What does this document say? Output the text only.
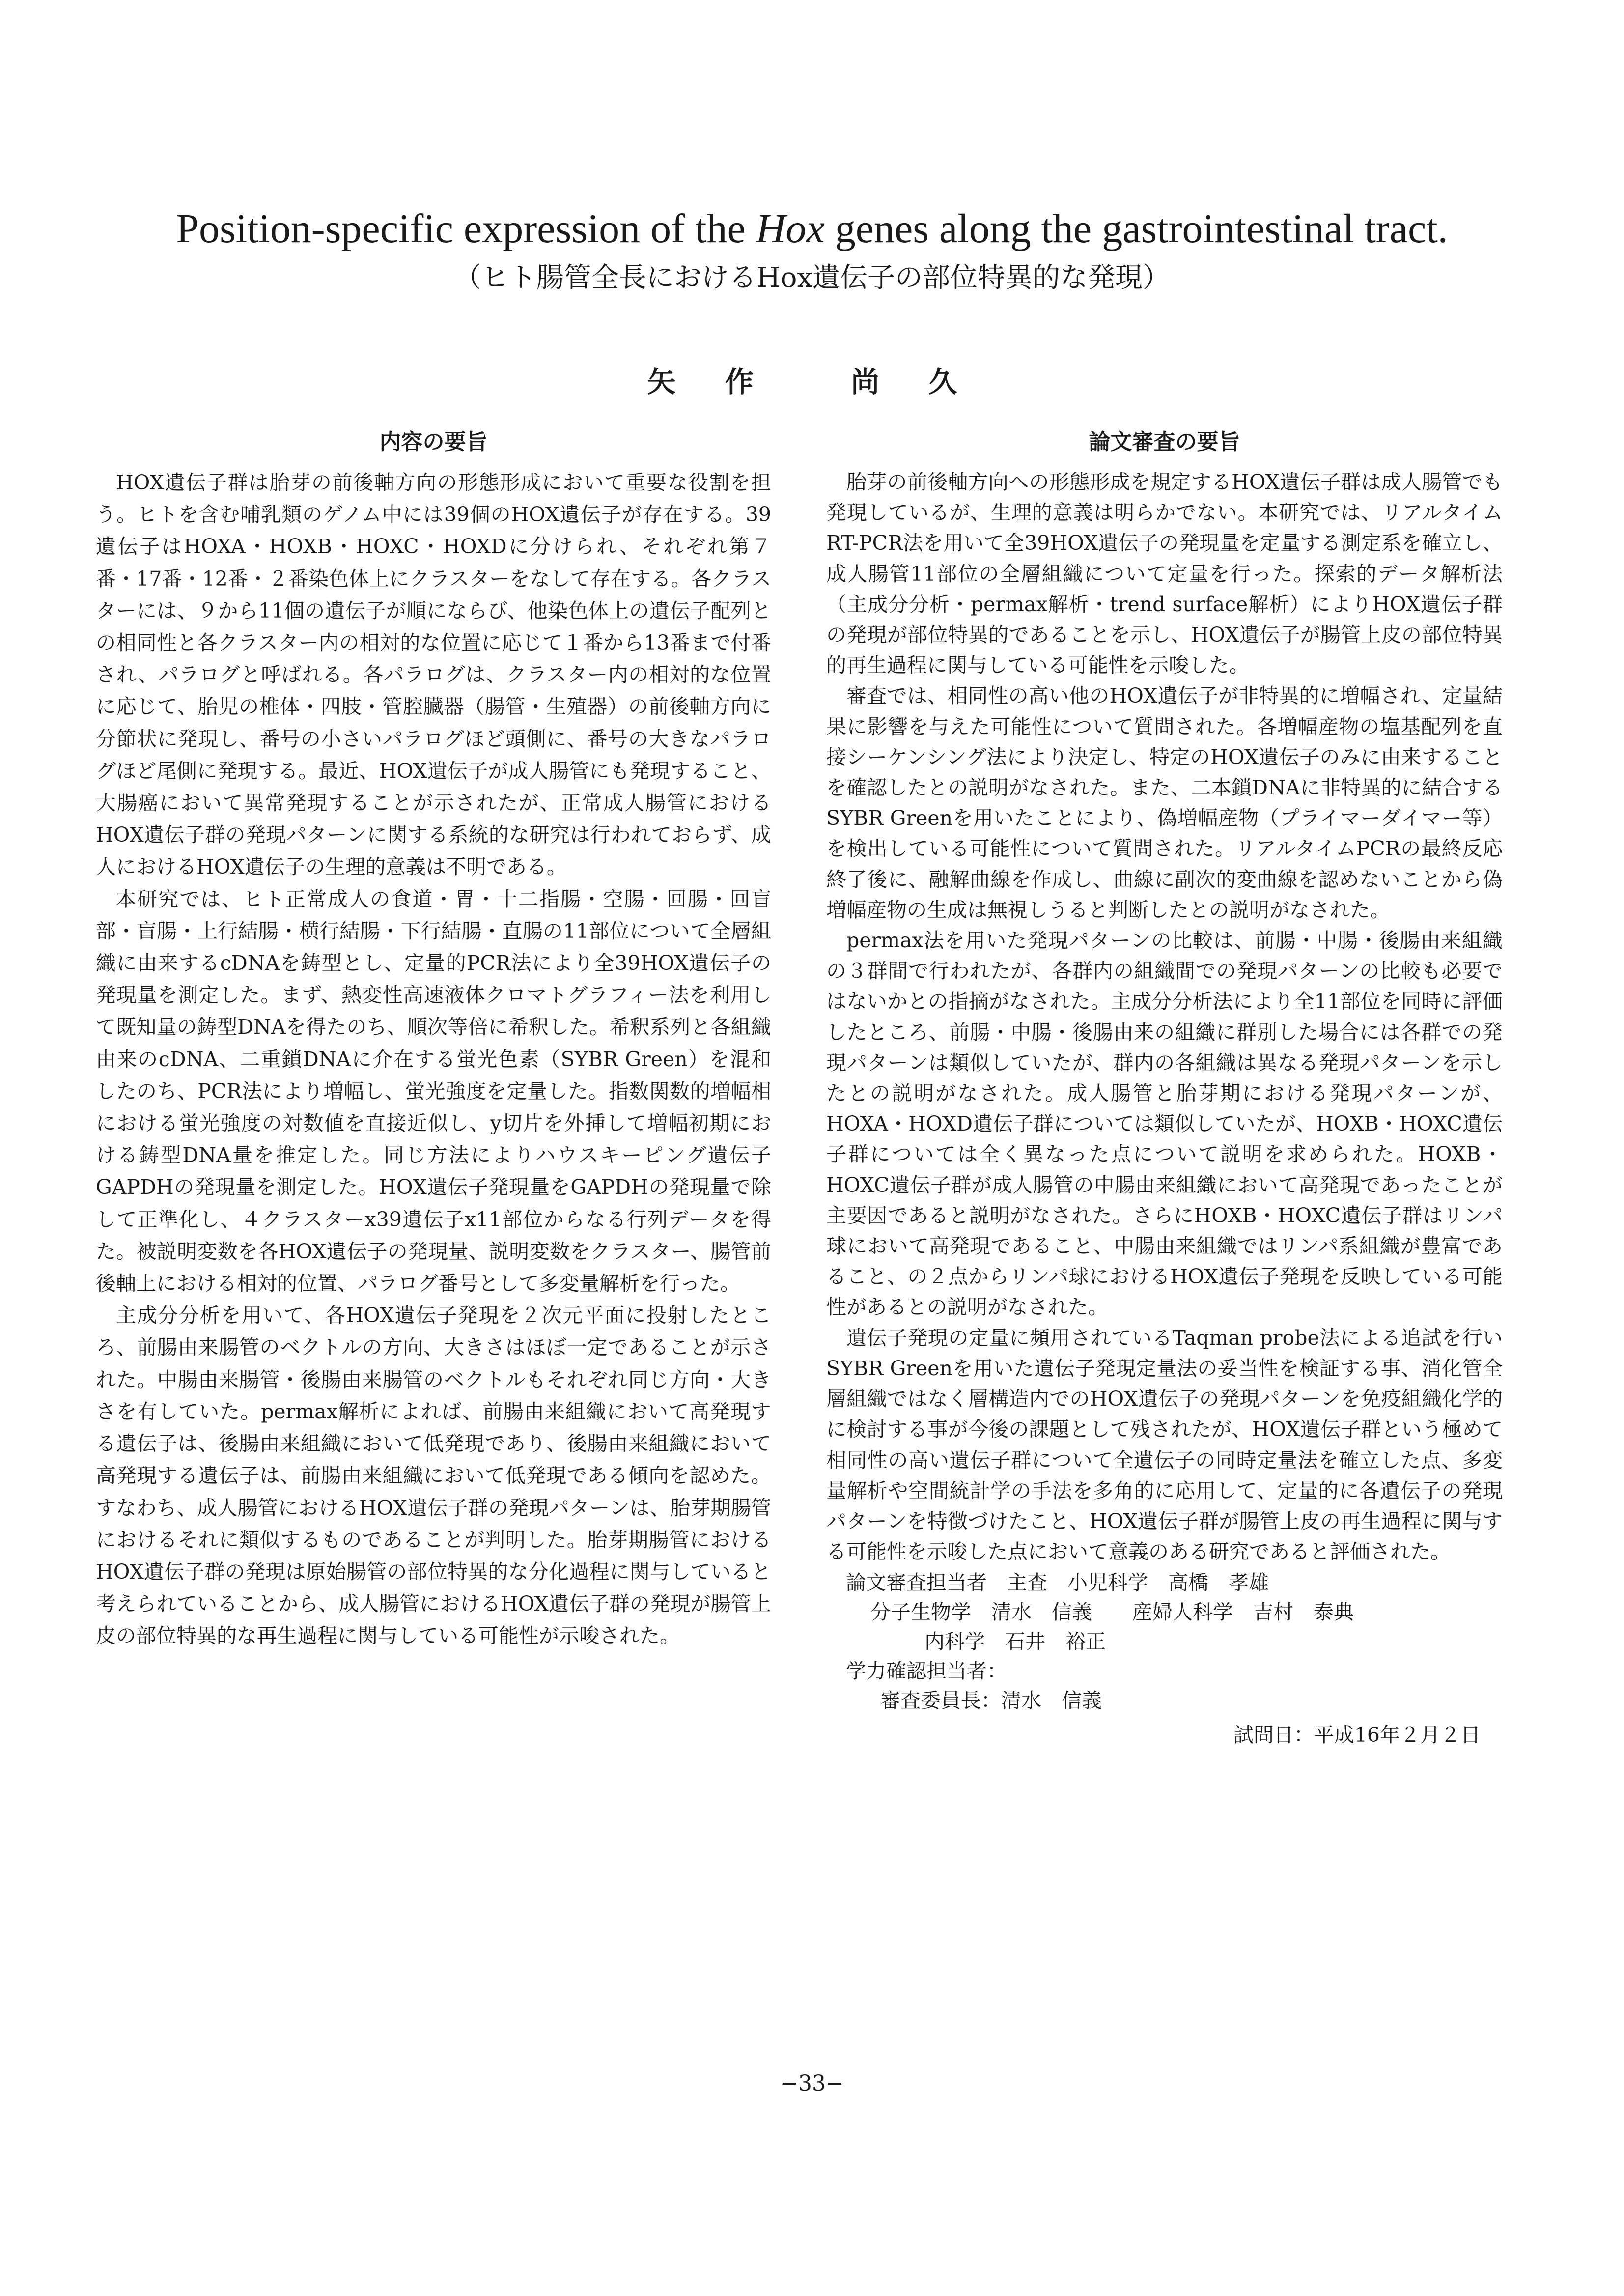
Position-specific expression of the Hox genes along the gastrointestinal tract.
（ヒト腸管全長におけるHox遺伝子の部位特異的な発現）
矢 作　 尚 久
内容の要旨

HOX遺伝子群は胎芽の前後軸方向の形態形成において重要な役割を担う。ヒトを含む哺乳類のゲノム中には39個のHOX遺伝子が存在する。39遺伝子はHOXA・HOXB・HOXC・HOXDに分けられ、それぞれ第７番・17番・12番・２番染色体上にクラスターをなして存在する。各クラスターには、９から11個の遺伝子が順にならび、他染色体上の遺伝子配列との相同性と各クラスター内の相対的な位置に応じて１番から13番まで付番され、パラログと呼ばれる。各パラログは、クラスター内の相対的な位置に応じて、胎児の椎体・四肢・管腔臓器（腸管・生殖器）の前後軸方向に分節状に発現し、番号の小さいパラログほど頭側に、番号の大きなパラログほど尾側に発現する。最近、HOX遺伝子が成人腸管にも発現すること、大腸癌において異常発現することが示されたが、正常成人腸管におけるHOX遺伝子群の発現パターンに関する系統的な研究は行われておらず、成人におけるHOX遺伝子の生理的意義は不明である。

本研究では、ヒト正常成人の食道・胃・十二指腸・空腸・回腸・回盲部・盲腸・上行結腸・横行結腸・下行結腸・直腸の11部位について全層組織に由来するcDNAを鋳型とし、定量的PCR法により全39HOX遺伝子の発現量を測定した。まず、熱変性高速液体クロマトグラフィー法を利用して既知量の鋳型DNAを得たのち、順次等倍に希釈した。希釈系列と各組織由来のcDNA、二重鎖DNAに介在する蛍光色素（SYBR Green）を混和したのち、PCR法により増幅し、蛍光強度を定量した。指数関数的増幅相における蛍光強度の対数値を直接近似し、y切片を外挿して増幅初期における鋳型DNA量を推定した。同じ方法によりハウスキーピング遺伝子GAPDHの発現量を測定した。HOX遺伝子発現量をGAPDHの発現量で除して正準化し、４クラスターx39遺伝子x11部位からなる行列データを得た。被説明変数を各HOX遺伝子の発現量、説明変数をクラスター、腸管前後軸上における相対的位置、パラログ番号として多変量解析を行った。

主成分分析を用いて、各HOX遺伝子発現を２次元平面に投射したところ、前腸由来腸管のベクトルの方向、大きさはほぼ一定であることが示された。中腸由来腸管・後腸由来腸管のベクトルもそれぞれ同じ方向・大きさを有していた。permax解析によれば、前腸由来組織において高発現する遺伝子は、後腸由来組織において低発現であり、後腸由来組織において高発現する遺伝子は、前腸由来組織において低発現である傾向を認めた。すなわち、成人腸管におけるHOX遺伝子群の発現パターンは、胎芽期腸管におけるそれに類似するものであることが判明した。胎芽期腸管におけるHOX遺伝子群の発現は原始腸管の部位特異的な分化過程に関与していると考えられていることから、成人腸管におけるHOX遺伝子群の発現が腸管上皮の部位特異的な再生過程に関与している可能性が示唆された。

論文審査の要旨

胎芽の前後軸方向への形態形成を規定するHOX遺伝子群は成人腸管でも発現しているが、生理的意義は明らかでない。本研究では、リアルタイムRT-PCR法を用いて全39HOX遺伝子の発現量を定量する測定系を確立し、成人腸管11部位の全層組織について定量を行った。探索的データ解析法（主成分分析・permax解析・trend surface解析）によりHOX遺伝子群の発現が部位特異的であることを示し、HOX遺伝子が腸管上皮の部位特異的再生過程に関与している可能性を示唆した。

審査では、相同性の高い他のHOX遺伝子が非特異的に増幅され、定量結果に影響を与えた可能性について質問された。各増幅産物の塩基配列を直接シーケンシング法により決定し、特定のHOX遺伝子のみに由来することを確認したとの説明がなされた。また、二本鎖DNAに非特異的に結合するSYBR Greenを用いたことにより、偽増幅産物（プライマーダイマー等）を検出している可能性について質問された。リアルタイムPCRの最終反応終了後に、融解曲線を作成し、曲線に副次的変曲線を認めないことから偽増幅産物の生成は無視しうると判断したとの説明がなされた。

permax法を用いた発現パターンの比較は、前腸・中腸・後腸由来組織の３群間で行われたが、各群内の組織間での発現パターンの比較も必要ではないかとの指摘がなされた。主成分分析法により全11部位を同時に評価したところ、前腸・中腸・後腸由来の組織に群別した場合には各群での発現パターンは類似していたが、群内の各組織は異なる発現パターンを示したとの説明がなされた。成人腸管と胎芽期における発現パターンが、HOXA・HOXD遺伝子群については類似していたが、HOXB・HOXC遺伝子群については全く異なった点について説明を求められた。HOXB・HOXC遺伝子群が成人腸管の中腸由来組織において高発現であったことが主要因であると説明がなされた。さらにHOXB・HOXC遺伝子群はリンパ球において高発現であること、中腸由来組織ではリンパ系組織が豊富であること、の２点からリンパ球におけるHOX遺伝子発現を反映している可能性があるとの説明がなされた。

遺伝子発現の定量に頻用されているTaqman probe法による追試を行いSYBR Greenを用いた遺伝子発現定量法の妥当性を検証する事、消化管全層組織ではなく層構造内でのHOX遺伝子の発現パターンを免疫組織化学的に検討する事が今後の課題として残されたが、HOX遺伝子群という極めて相同性の高い遺伝子群について全遺伝子の同時定量法を確立した点、多変量解析や空間統計学の手法を多角的に応用して、定量的に各遺伝子の発現パターンを特徴づけたこと、HOX遺伝子群が腸管上皮の再生過程に関与する可能性を示唆した点において意義のある研究であると評価された。

論文審査担当者　主査　小児科学　高橋　孝雄
分子生物学　清水　信義　　産婦人科学　吉村　泰典
内科学　石井　裕正
学力確認担当者：
審査委員長：清水　信義
試問日：平成16年２月２日
−33−
